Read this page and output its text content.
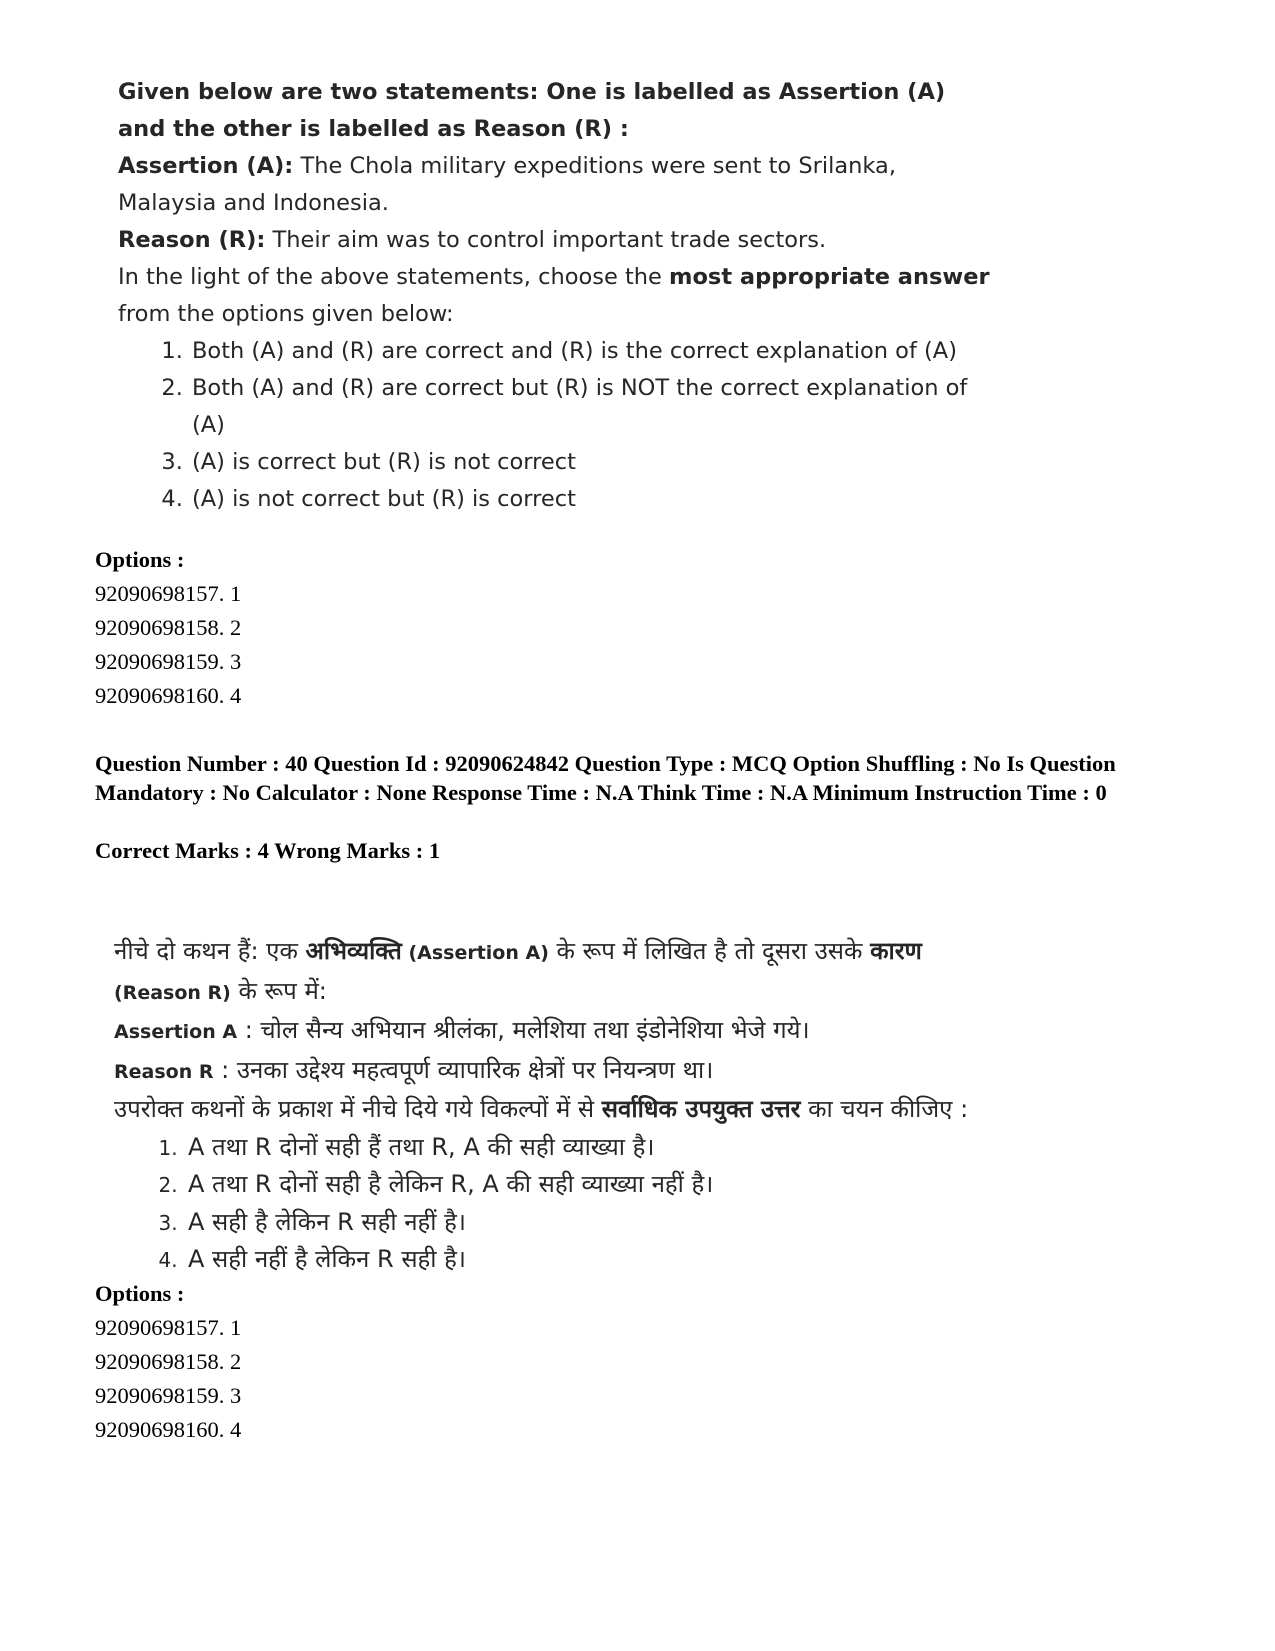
Given below are two statements: One is labelled as Assertion (A) and the other is labelled as Reason (R) :

Assertion (A): The Chola military expeditions were sent to Srilanka, Malaysia and Indonesia.

Reason (R): Their aim was to control important trade sectors.

In the light of the above statements, choose the most appropriate answer from the options given below:

1. Both (A) and (R) are correct and (R) is the correct explanation of (A)
2. Both (A) and (R) are correct but (R) is NOT the correct explanation of (A)
3. (A) is correct but (R) is not correct
4. (A) is not correct but (R) is correct

Options :

92090698157. 1

92090698158. 2

92090698159. 3

92090698160. 4

Question Number : 40 Question Id : 92090624842 Question Type : MCQ Option Shuffling : No Is Question Mandatory : No Calculator : None Response Time : N.A Think Time : N.A Minimum Instruction Time : 0

Correct Marks : 4 Wrong Marks : 1

नीचे दो कथन हैं: एक अभिव्यक्ति (Assertion A) के रूप में लिखित है तो दूसरा उसके कारण (Reason R) के रूप में:

Assertion A : चोल सैन्य अभियान श्रीलंका, मलेशिया तथा इंडोनेशिया भेजे गये।

Reason R : उनका उद्देश्य महत्वपूर्ण व्यापारिक क्षेत्रों पर नियन्त्रण था।

उपरोक्त कथनों के प्रकाश में नीचे दिये गये विकल्पों में से सर्वाधिक उपयुक्त उत्तर का चयन कीजिए :

1. A तथा R दोनों सही हैं तथा R, A की सही व्याख्या है।
2. A तथा R दोनों सही है लेकिन R, A की सही व्याख्या नहीं है।
3. A सही है लेकिन R सही नहीं है।
4. A सही नहीं है लेकिन R सही है।

Options :

92090698157. 1

92090698158. 2

92090698159. 3

92090698160. 4
